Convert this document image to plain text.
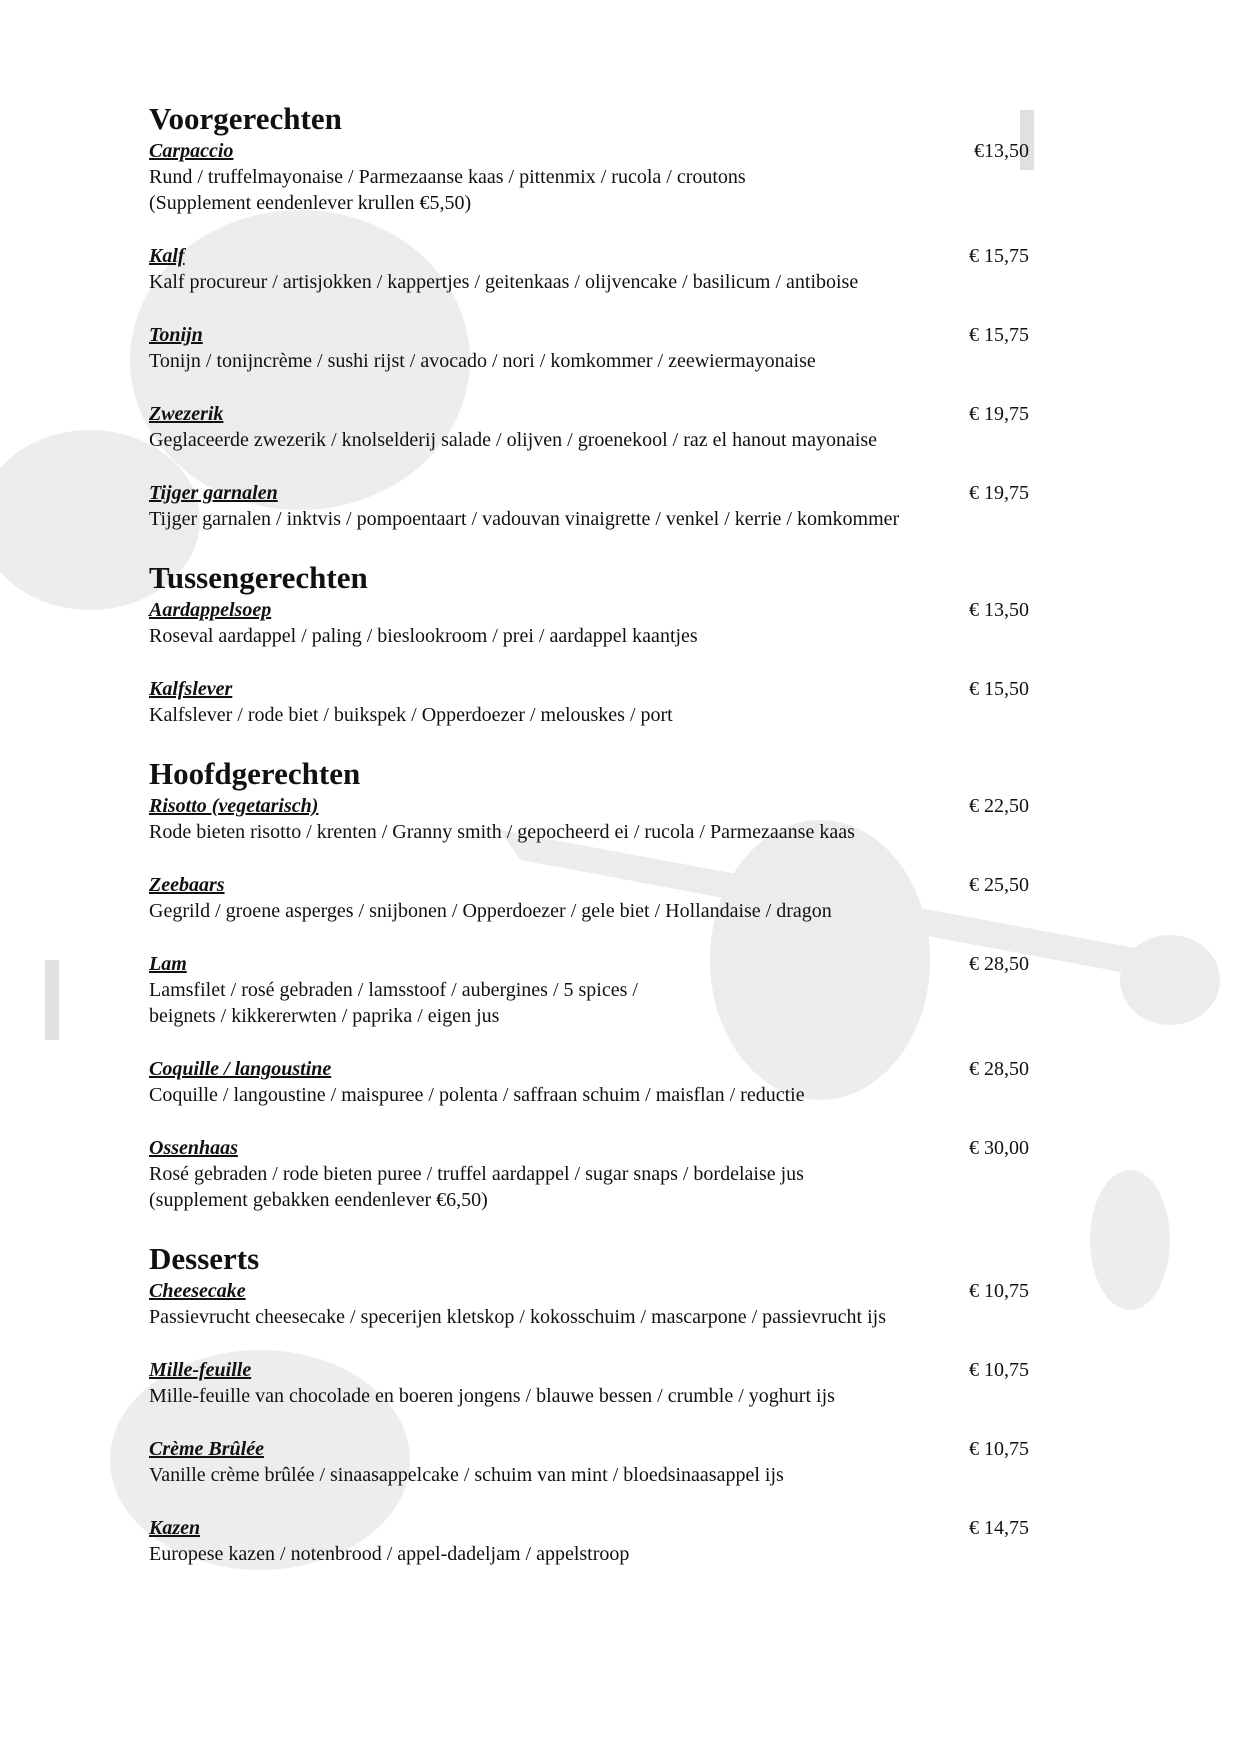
Voorgerechten
Carpaccio	€13,50
Rund / truffelmayonaise / Parmezaanse kaas / pittenmix / rucola / croutons
(Supplement eendenlever krullen €5,50)
Kalf	€ 15,75
Kalf procureur / artisjokken / kappertjes / geitenkaas / olijvencake / basilicum / antiboise
Tonijn	€ 15,75
Tonijn / tonijncrème / sushi rijst / avocado / nori / komkommer / zeewiermayonaise
Zwezerik	€ 19,75
Geglaceerde zwezerik / knolselderij salade / olijven / groenekool / raz el hanout mayonaise
Tijger garnalen	€ 19,75
Tijger garnalen / inktvis / pompoentaart / vadouvan vinaigrette / venkel / kerrie / komkommer
Tussengerechten
Aardappelsoep	€ 13,50
Roseval aardappel / paling / bieslookroom / prei / aardappel kaantjes
Kalfslever	€ 15,50
Kalfslever / rode biet / buikspek / Opperdoezer / melouskes / port
Hoofdgerechten
Risotto (vegetarisch)	€ 22,50
Rode bieten risotto / krenten / Granny smith / gepocheerd ei / rucola / Parmezaanse kaas
Zeebaars	€ 25,50
Gegrild / groene asperges / snijbonen / Opperdoezer / gele biet / Hollandaise / dragon
Lam	€ 28,50
Lamsfilet / rosé gebraden / lamsstoof / aubergines / 5 spices /
beignets / kikkererwten / paprika / eigen jus
Coquille / langoustine	€ 28,50
Coquille / langoustine / maispuree / polenta / saffraan schuim / maisflan / reductie
Ossenhaas	€ 30,00
Rosé gebraden / rode bieten puree / truffel aardappel / sugar snaps / bordelaise jus
(supplement gebakken eendenlever €6,50)
Desserts
Cheesecake	€ 10,75
Passievrucht cheesecake / specerijen kletskop / kokosschuim / mascarpone / passievrucht ijs
Mille-feuille	€ 10,75
Mille-feuille van chocolade en boeren jongens / blauwe bessen / crumble / yoghurt ijs
Crème Brûlée	€ 10,75
Vanille crème brûlée / sinaasappelcake / schuim van mint / bloedsinaasappel ijs
Kazen	€ 14,75
Europese kazen / notenbrood / appel-dadeljam / appelstroop
